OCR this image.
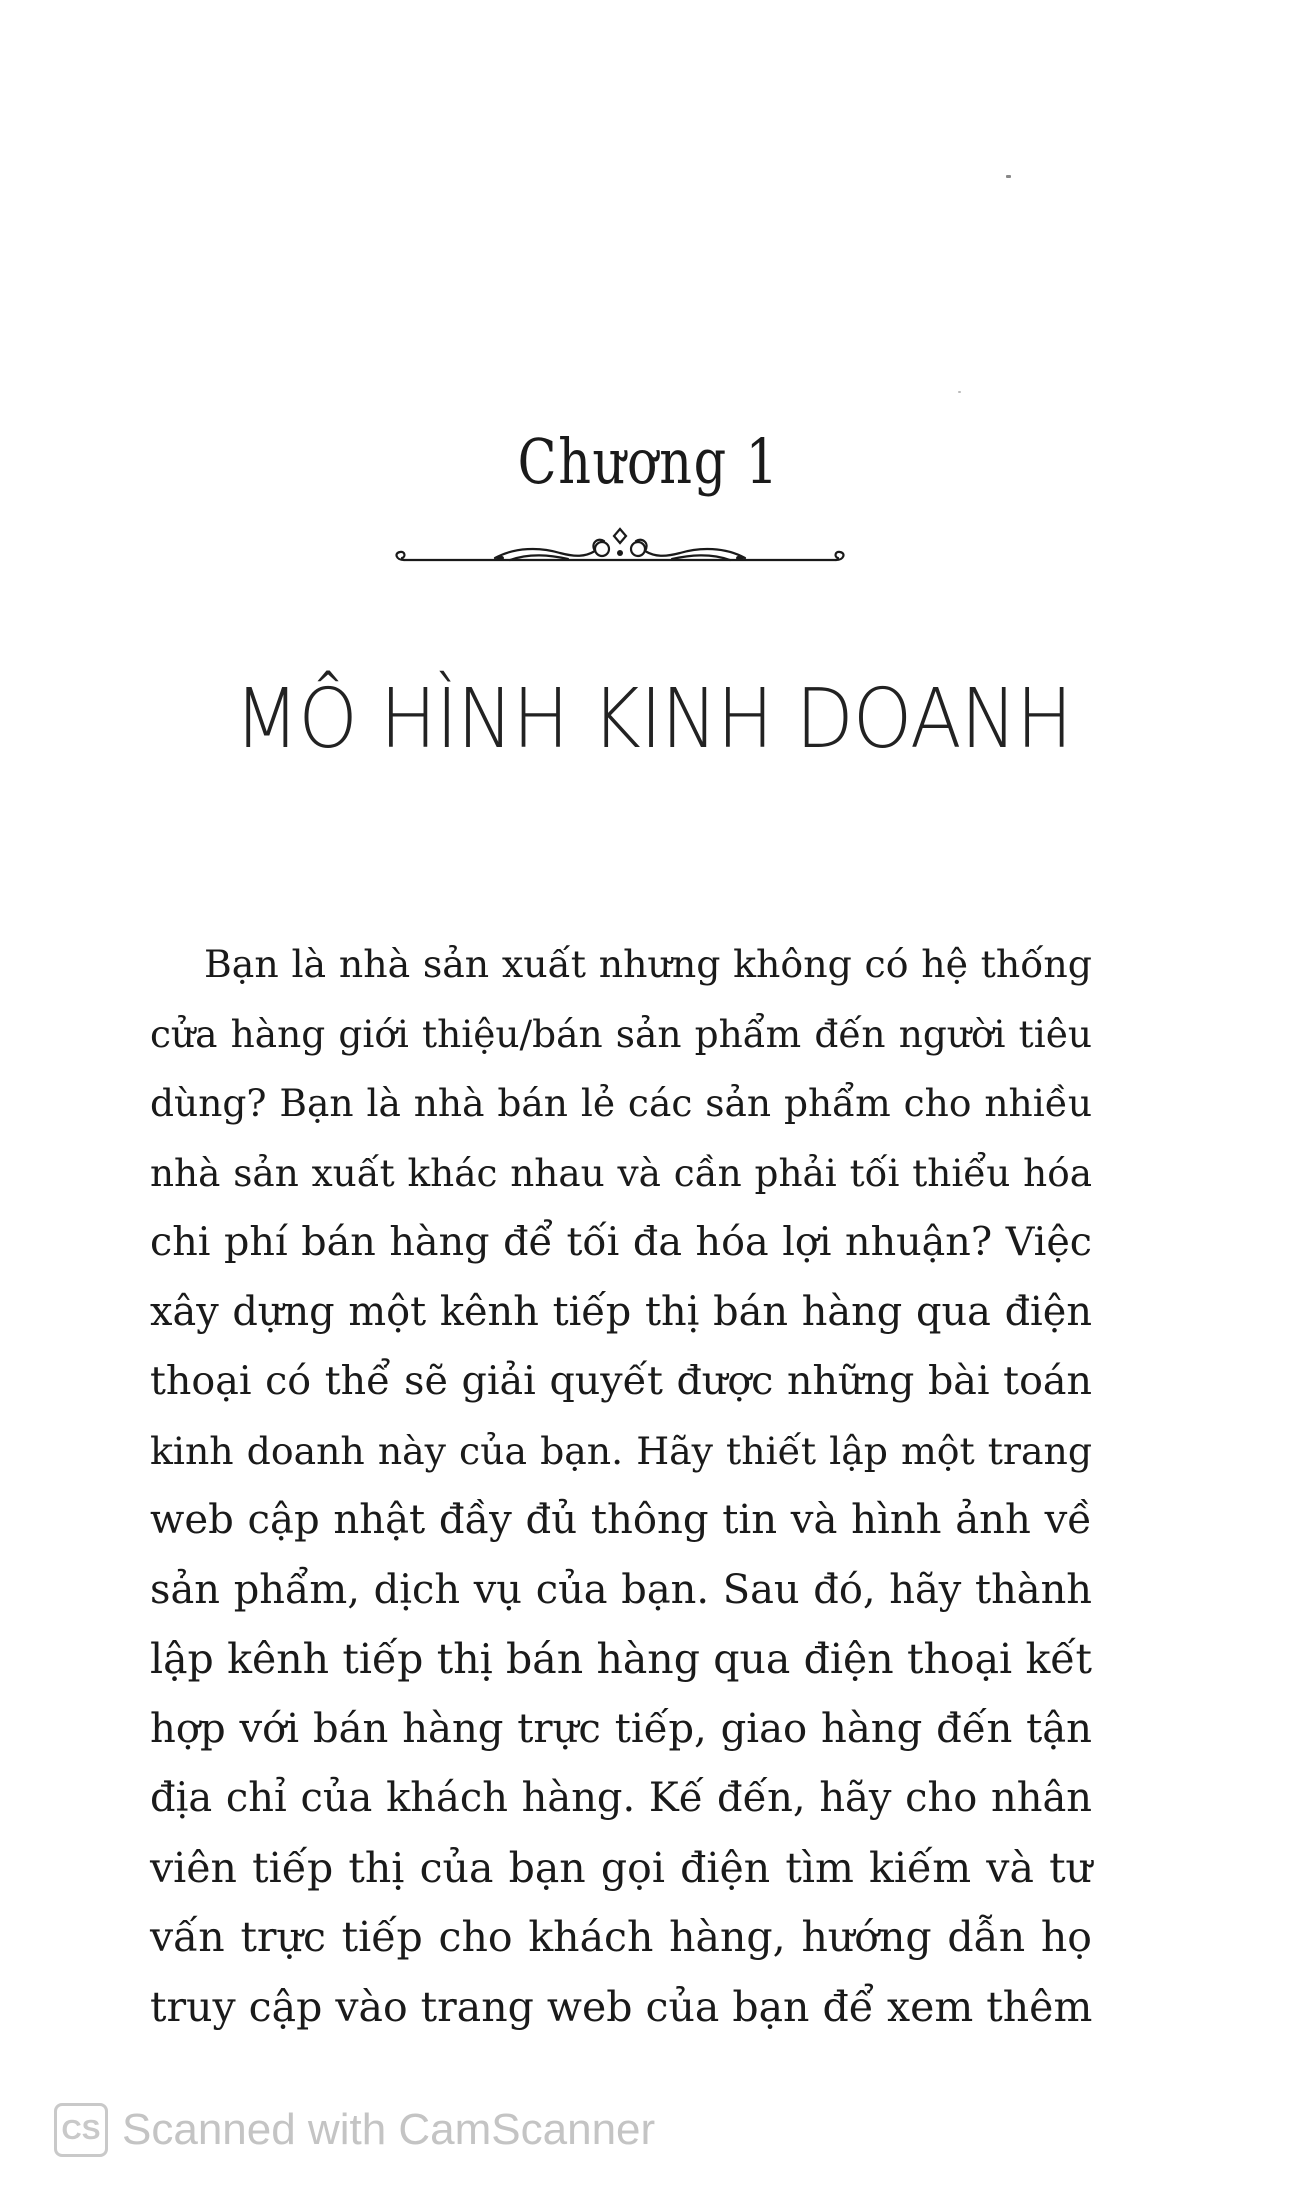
Chương 1
MÔ HÌNH KINH DOANH
Bạn là nhà sản xuất nhưng không có hệ thống
cửa hàng giới thiệu/bán sản phẩm đến người tiêu
dùng? Bạn là nhà bán lẻ các sản phẩm cho nhiều
nhà sản xuất khác nhau và cần phải tối thiểu hóa
chi phí bán hàng để tối đa hóa lợi nhuận? Việc
xây dựng một kênh tiếp thị bán hàng qua điện
thoại có thể sẽ giải quyết được những bài toán
kinh doanh này của bạn. Hãy thiết lập một trang
web cập nhật đầy đủ thông tin và hình ảnh về
sản phẩm, dịch vụ của bạn. Sau đó, hãy thành
lập kênh tiếp thị bán hàng qua điện thoại kết
hợp với bán hàng trực tiếp, giao hàng đến tận
địa chỉ của khách hàng. Kế đến, hãy cho nhân
viên tiếp thị của bạn gọi điện tìm kiếm và tư
vấn trực tiếp cho khách hàng, hướng dẫn họ
truy cập vào trang web của bạn để xem thêm
CS Scanned with CamScanner
